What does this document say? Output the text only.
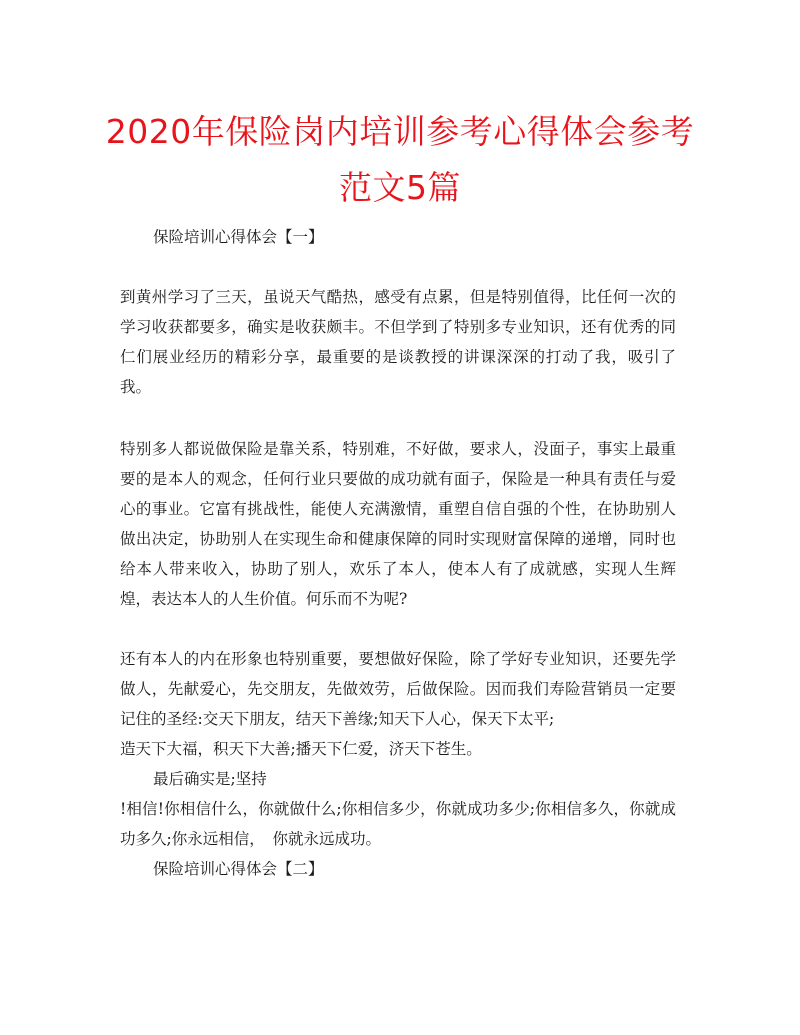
2020年保险岗内培训参考心得体会参考范文5篇

保险培训心得体会【一】

到黄州学习了三天，虽说天气酷热，感受有点累，但是特别值得，比任何一次的学习收获都要多，确实是收获颇丰。不但学到了特别多专业知识，还有优秀的同仁们展业经历的精彩分享，最重要的是谈教授的讲课深深的打动了我，吸引了我。

特别多人都说做保险是靠关系，特别难，不好做，要求人，没面子，事实上最重要的是本人的观念，任何行业只要做的成功就有面子，保险是一种具有责任与爱心的事业。它富有挑战性，能使人充满激情，重塑自信自强的个性，在协助别人做出决定，协助别人在实现生命和健康保障的同时实现财富保障的递增，同时也给本人带来收入，协助了别人，欢乐了本人，使本人有了成就感，实现人生辉煌，表达本人的人生价值。何乐而不为呢?

还有本人的内在形象也特别重要，要想做好保险，除了学好专业知识，还要先学做人，先献爱心，先交朋友，先做效劳，后做保险。因而我们寿险营销员一定要记住的圣经:交天下朋友，结天下善缘;知天下人心，保天下太平;

造天下大福，积天下大善;播天下仁爱，济天下苍生。

最后确实是;坚持

!相信!你相信什么，你就做什么;你相信多少，你就成功多少;你相信多久，你就成功多久;你永远相信，　你就永远成功。

保险培训心得体会【二】
